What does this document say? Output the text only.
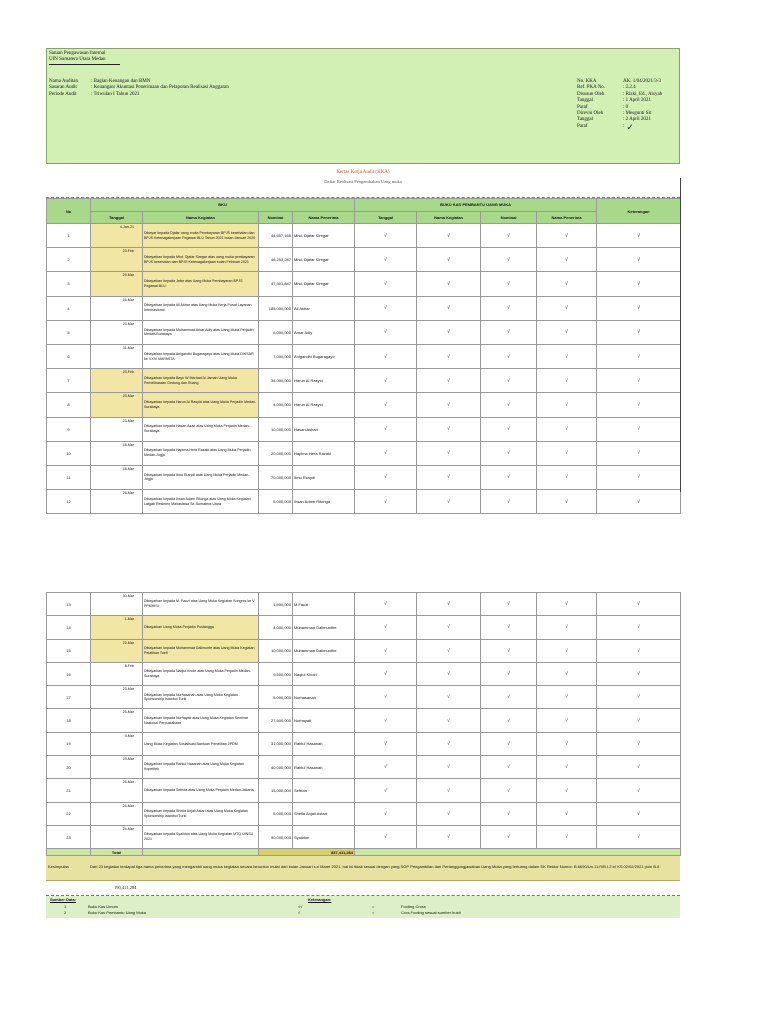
Satuan Pengawasan Internal
UIN Sumatera Utara Medan
Nama Auditan	: Bagian Keuangan dan BMN
Sasaran Audit	: Keuangan/ Akuntasi Penerimaan dan Pelaporan Realisasi Anggaran
Periode Audit	: Triwulan I Tahun 2021
No. KKA	AK. 1/04/2021/3-3
Ref. PKA No.	: 2.2.4
Disusun Oleh	: Rizki, Ed., Aisyah
Tanggal	: 1 April 2021
Paraf	: 0
Direviu Oleh	: Mesgunti Sit
Tanggal	: 2 April 2021
Paraf	: ✓
Kertas Kerja Audit (KKA)
Daftar Realisasi Pengembalian Uang muka
No	BKU				BUKU KAS PEMBANTU UANG MUKA				Keterangan
	Tanggal	Nama Kegiatan	Nominal	Nama Penerima	Tanggal	Nama Kegiatan	Nominal	Nama Penerima	
1	4-Jan-21	Dibayar kepada Djafar uang muka Pembayaran BPJS kesehatan dan BPJS Ketenagakerjaan Pegawai BLU Tahun 2021 bulan Januari 2020	44,657,165	Mhd. Djafar Siregar	√	√	√	√	√
2	23-Feb	Dibayarkan kepada Mhd. Djafar Siregar atas uang muka pembayaran BPJS kesehatan dan BPJS Ketenagakerjaan bulan Februari 2021	46,253,287	Mhd. Djafar Siregar	√	√	√	√	√
3	29-Mar	Dibayarkan kepada Jafar atas Uang Muka Pembayaran BPJS Pegawai BLU	47,501,847	Mhd. Djafar Siregar	√	√	√	√	√
4	16-Mar	Dibayarkan kepada Ali Akbar atas Uang Muka Kerja Pusat Layanan Internasional	185,000,000	Ali Akbar	√	√	√	√	√
5	23-Mar	Dibayarkan kepada Muhammad Amar Adly atas Uang Muka Perjadin Medan-Surabaya	6,000,000	Amar Adly	√	√	√	√	√
6	31-Mar	Dibayarkan kepada Anigandhi Bugaragayo atas Uang Muka DIKSAR ke XXIV MAPASTA	7,000,000	Anigandhi Bugaragayo	√	√	√	√	√
7	23-Feb	Dibayarkan kepada Bayu W Marhad Al Jamah Uang Muka Pemeliharaan Gedung dan Ruang	34,000,000	Harun Al Rasyid	√	√	√	√	√
8	23-Mar	Dibayarkan kepada Harun Al Rasyid atas Uang Muka Perjadin Medan-Surabaya	4,000,000	Harun Al Rasyid	√	√	√	√	√
9	23-Mar	Dibayarkan kepada Hasan Asari atas Uang Muka Perjadin Medan-Surabaya	10,000,000	Hasan Ashari	√	√	√	√	√
10	18-Mar	Dibayarkan kepada Hapima Hera Razaki atas Uang Muka Perjadin Medan-Jogja	20,000,000	Hapima Hera Razaki	√	√	√	√	√
11	18-Mar	Dibayarkan kepada Ibnu Rusydi atas Uang Muka Perjadin Medan-Jogja	70,000,000	Ibnu Rusydi	√	√	√	√	√
12	26-Mar	Dibayarkan kepada Ihsan Adam Ritonga atas Uang Muka Kegiatan Latgab Resimen Mahasiswa Se-Sumatera Utara	5,000,000	Ihsan Adam Ritonga	√	√	√	√	√
13	30-Mar	Dibayarkan kepada M. Fauzi atas Uang Muka Kegiatan Kongres ke V PPMHISI	1,500,000	M.Fauzi	√	√	√	√	√
14	1-Mar	Dibayarkan Uang Muka Perjadin Pustangga	4,000,000	Muhammad Dalimunthe	√	√	√	√	√
15	22-Mar	Dibayarkan kepada Muhammad Dalimunte atas Uang Muka Kegiatan Pelatihan Toefl	10,000,000	Muhammad Dalimunthe	√	√	√	√	√
16	8-Feb	Dibayarkan kepada Naqiul Khoiri atas Uang Muka Perjadin Medan-Surabaya	9,500,000	Naqiul Khoiri	√	√	√	√	√
17	23-Mar	Dibayarkan kepada Nurhasanah atas Uang Muka Kegiatan Sponsorship Istanbul Turki	5,000,000	Nurhasanah	√	√	√	√	√
18	25-Mar	Dibayarkan kepada Nurhayati atas Uang Muka Kegiatan Seminar Nasional Perpustakaan	27,600,000	Nurhayati	√	√	√	√	√
19	9-Mar	Uang Muka Kegiatan Sosialisasi Bantuan Penelitian 2PDM	31,000,000	Rahlul Hasanah	√	√	√	√	√
20	19-Mar	Dibayarkan kepada Rahlul Hasanah atas Uang Muka Kegiatan Kopetitek	40,000,000	Rahlul Hasanah	√	√	√	√	√
21	26-Mar	Dibayarkan kepada Sefrida atas Uang Muka Perjadin Medan-Jakarta	15,000,000	Sefrida	√	√	√	√	√
22	24-Mar	Dibayarkan kepada Shella Anjali Astari atas Uang Muka Kegiatan Sponsorship Istanbul Turki	5,000,000	Shella Anjali Astari	√	√	√	√	√
23	24-Mar	Dibayarkan kepada Syaiidun atas Uang Muka Kegiatan MTQ UINSU 2021	90,000,000	Syaiidun	√	√	√	√	√
	Total		837,411,284						
Kesimpulan	Dari 23 kegiatan terdapat tiga nama penerima yang mengambil uang muka kegiatan secara beruntun mulai dari bulan Januari s.d Maret 2021, hal ini tidak sesuai dengan yang SOP Pengambilan dan Pertanggungjawaban Uang Muka yang tertuang dalam SK Rektor Nomor: B.6690/Un.11.R/B.I.2.b/ KS.02/02/2021 poin B.8
190,411,284
Sumber Data:	Keterangan:
1	Buku Kas Umum	√√	=	Footing Cross
2	Buku Kas Pembantu Uang Muka	√	=	Cros Footing sesuai sumber bukti
